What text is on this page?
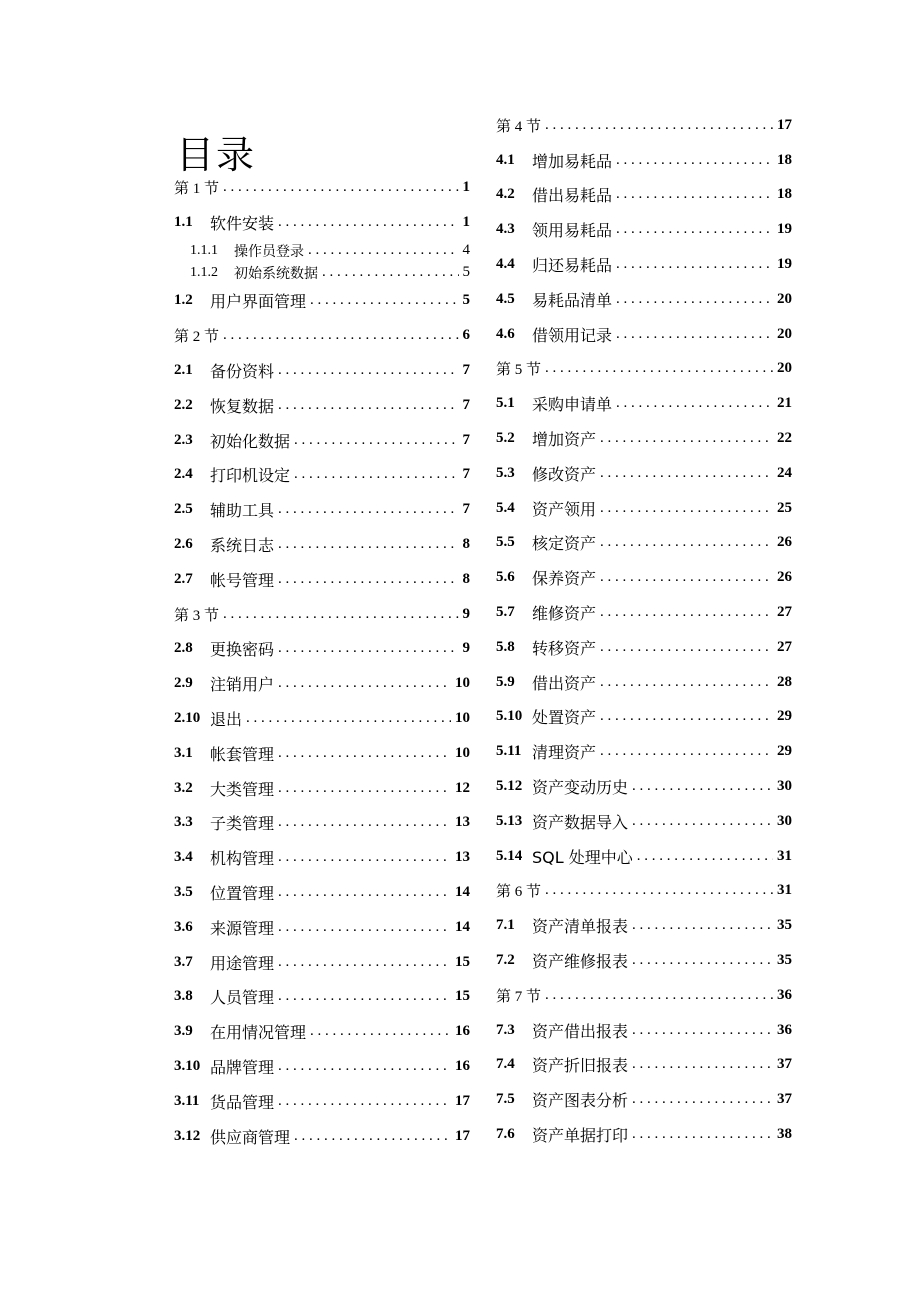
目录
第 1 节 . . .	1
1.1	软件安装 . . .	1
1.1.1	操作员登录 . . .	4
1.1.2	初始系统数据 . . .	5
1.2	用户界面管理 . . .	5
第 2 节 . . .	6
2.1	备份资料 . . .	7
2.2	恢复数据 . . .	7
2.3	初始化数据 . . .	7
2.4	打印机设定 . . .	7
2.5	辅助工具 . . .	7
2.6	系统日志 . . .	8
2.7	帐号管理 . . .	8
第 3 节 . . .	9
2.8	更换密码 . . .	9
2.9	注销用户 . . .	10
2.10 退出 . . .	10
3.1	帐套管理 . . .	10
3.2	大类管理 . . .	12
3.3	子类管理 . . .	13
3.4	机构管理 . . .	13
3.5	位置管理 . . .	14
3.6	来源管理 . . .	14
3.7	用途管理 . . .	15
3.8	人员管理 . . .	15
3.9	在用情况管理 . . .	16
3.10 品牌管理 . . .	16
3.11 货品管理 . . .	17
3.12 供应商管理 . . .	17
第 4 节 . . .	17
4.1	增加易耗品 . . .	18
4.2	借出易耗品 . . .	18
4.3	领用易耗品 . . .	19
4.4	归还易耗品 . . .	19
4.5	易耗品清单 . . .	20
4.6	借领用记录 . . .	20
第 5 节 . . .	20
5.1	采购申请单 . . .	21
5.2	增加资产 . . .	22
5.3	修改资产 . . .	24
5.4	资产领用 . . .	25
5.5	核定资产 . . .	26
5.6	保养资产 . . .	26
5.7	维修资产 . . .	27
5.8	转移资产 . . .	27
5.9	借出资产 . . .	28
5.10 处置资产 . . .	29
5.11 清理资产 . . .	29
5.12 资产变动历史 . . .	30
5.13 资产数据导入 . . .	30
5.14 SQL 处理中心 . . .	31
第 6 节 . . .	31
7.1	资产清单报表 . . .	35
7.2	资产维修报表 . . .	35
第 7 节 . . .	36
7.3	资产借出报表 . . .	36
7.4	资产折旧报表 . . .	37
7.5	资产图表分析 . . .	37
7.6	资产单据打印 . . .	38
